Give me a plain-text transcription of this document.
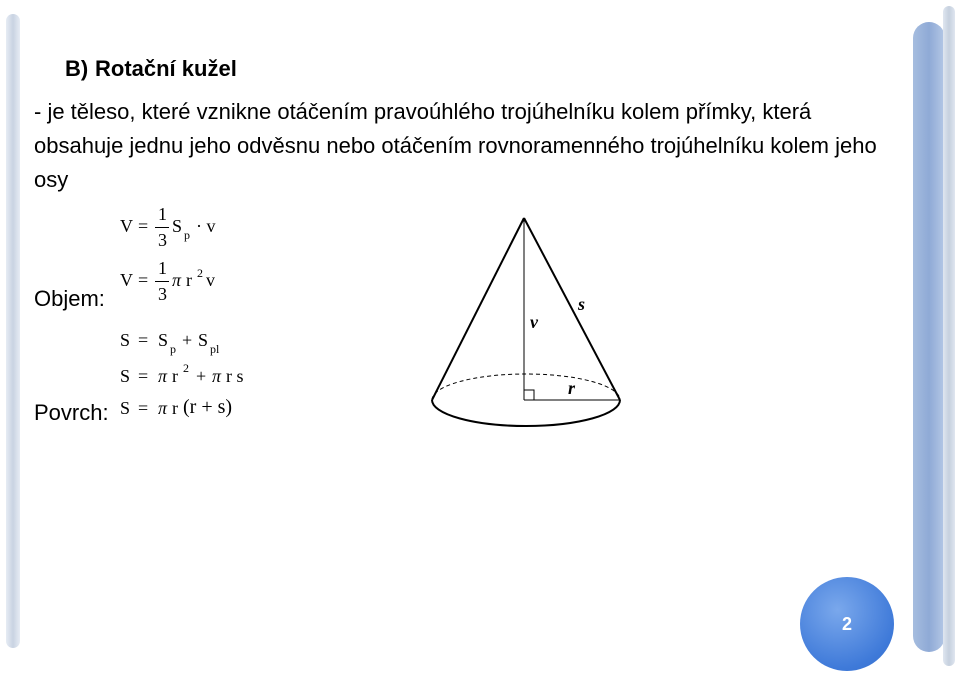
B) Rotační kužel
- je těleso, které vznikne otáčením pravoúhlého trojúhelníku kolem přímky, která obsahuje jednu jeho odvěsnu nebo otáčením rovnoramenného trojúhelníku kolem jeho osy
Objem:
Povrch:
V =
1
3
S p · v
V =
1
3
π r 2 v
S = S p + S pl
S = π r 2 + π r s
S = π r (r + s)
v
s
r
2
